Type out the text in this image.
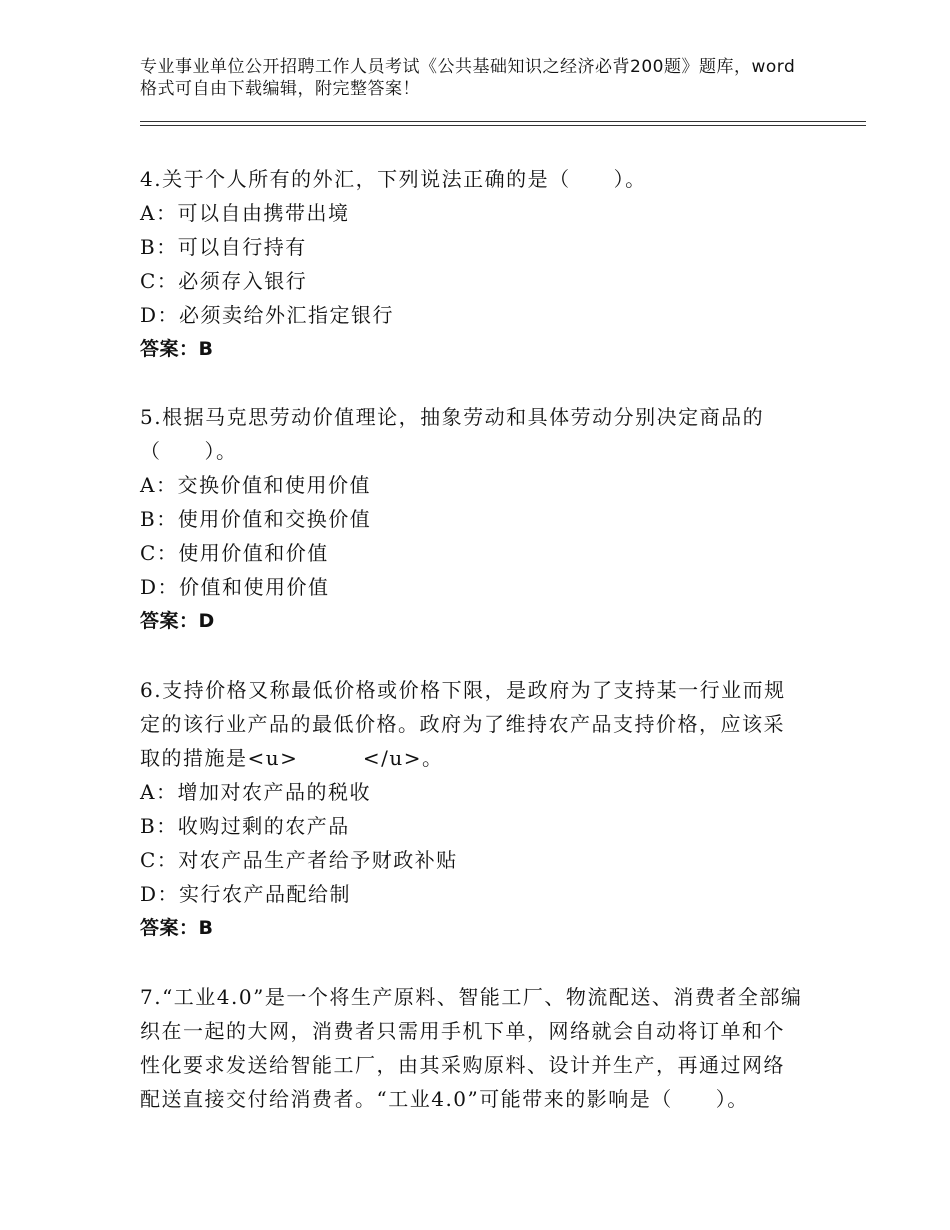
专业事业单位公开招聘工作人员考试《公共基础知识之经济必背200题》题库，word格式可自由下载编辑，附完整答案！

4.关于个人所有的外汇，下列说法正确的是（　　）。

A：可以自由携带出境

B：可以自行持有

C：必须存入银行

D：必须卖给外汇指定银行

答案：B

5.根据马克思劳动价值理论，抽象劳动和具体劳动分别决定商品的（　　）。

A：交换价值和使用价值

B：使用价值和交换价值

C：使用价值和价值

D：价值和使用价值

答案：D

6.支持价格又称最低价格或价格下限，是政府为了支持某一行业而规定的该行业产品的最低价格。政府为了维持农产品支持价格，应该采取的措施是<u>　　　</u>。

A：增加对农产品的税收

B：收购过剩的农产品

C：对农产品生产者给予财政补贴

D：实行农产品配给制

答案：B

7.“工业4.0”是一个将生产原料、智能工厂、物流配送、消费者全部编织在一起的大网，消费者只需用手机下单，网络就会自动将订单和个性化要求发送给智能工厂，由其采购原料、设计并生产，再通过网络配送直接交付给消费者。“工业4.0”可能带来的影响是（　　）。
